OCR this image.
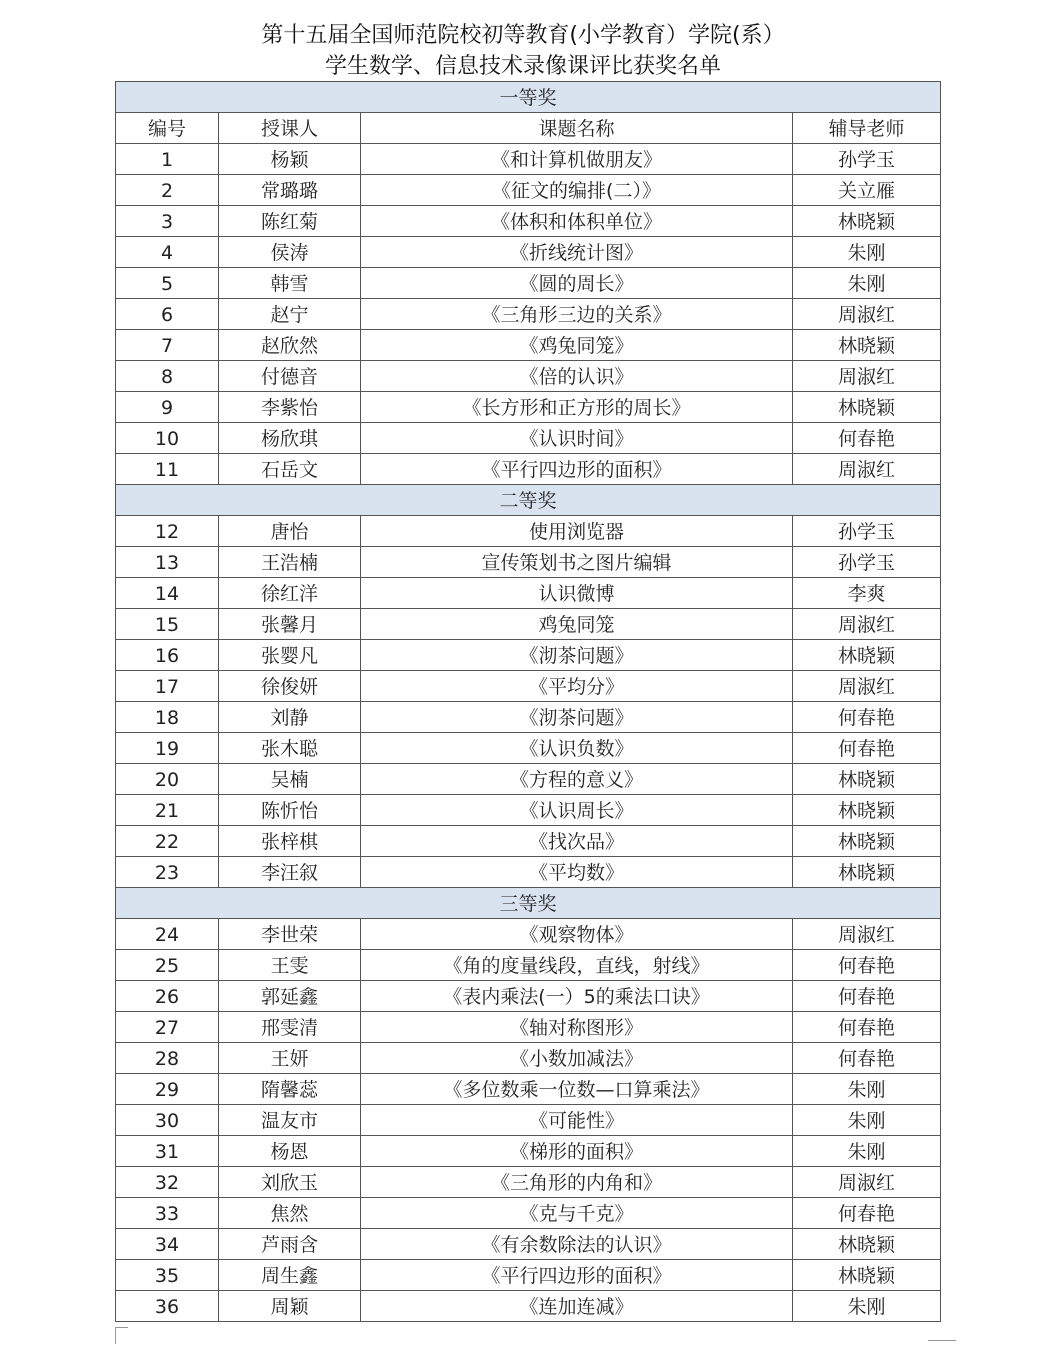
第十五届全国师范院校初等教育(小学教育）学院(系）
学生数学、信息技术录像课评比获奖名单
一等奖			
编号	授课人	课题名称	辅导老师
1	杨颖	《和计算机做朋友》	孙学玉
2	常璐璐	《征文的编排(二）》	关立雁
3	陈红菊	《体积和体积单位》	林晓颖
4	侯涛	《折线统计图》	朱刚
5	韩雪	《圆的周长》	朱刚
6	赵宁	《三角形三边的关系》	周淑红
7	赵欣然	《鸡兔同笼》	林晓颖
8	付德音	《倍的认识》	周淑红
9	李紫怡	《长方形和正方形的周长》	林晓颖
10	杨欣琪	《认识时间》	何春艳
11	石岳文	《平行四边形的面积》	周淑红
二等奖			
12	唐怡	使用浏览器	孙学玉
13	王浩楠	宣传策划书之图片编辑	孙学玉
14	徐红洋	认识微博	李爽
15	张馨月	鸡兔同笼	周淑红
16	张婴凡	《沏茶问题》	林晓颖
17	徐俊妍	《平均分》	周淑红
18	刘静	《沏茶问题》	何春艳
19	张木聪	《认识负数》	何春艳
20	吴楠	《方程的意义》	林晓颖
21	陈忻怡	《认识周长》	林晓颖
22	张梓棋	《找次品》	林晓颖
23	李汪叙	《平均数》	林晓颖
三等奖			
24	李世荣	《观察物体》	周淑红
25	王雯	《角的度量线段，直线，射线》	何春艳
26	郭延鑫	《表内乘法(一）5的乘法口诀》	何春艳
27	邢雯清	《轴对称图形》	何春艳
28	王妍	《小数加减法》	何春艳
29	隋馨蕊	《多位数乘一位数—口算乘法》	朱刚
30	温友市	《可能性》	朱刚
31	杨恩	《梯形的面积》	朱刚
32	刘欣玉	《三角形的内角和》	周淑红
33	焦然	《克与千克》	何春艳
34	芦雨含	《有余数除法的认识》	林晓颖
35	周生鑫	《平行四边形的面积》	林晓颖
36	周颖	《连加连减》	朱刚
